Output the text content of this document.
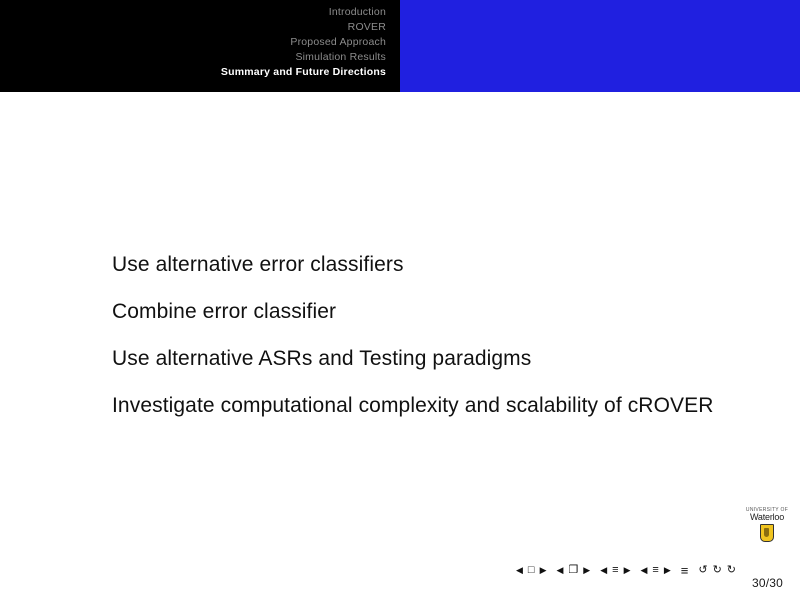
Introduction
ROVER
Proposed Approach
Simulation Results
Summary and Future Directions
Use alternative error classifiers
Combine error classifier
Use alternative ASRs and Testing paradigms
Investigate computational complexity and scalability of cROVER
UNIVERSITY OF
Waterloo
◀ □ ▶ ◀ ❐ ▶ ◀ ≡ ▶ ◀ ≡ ▶ ≡ ↺ ↻ ↻
30/30
